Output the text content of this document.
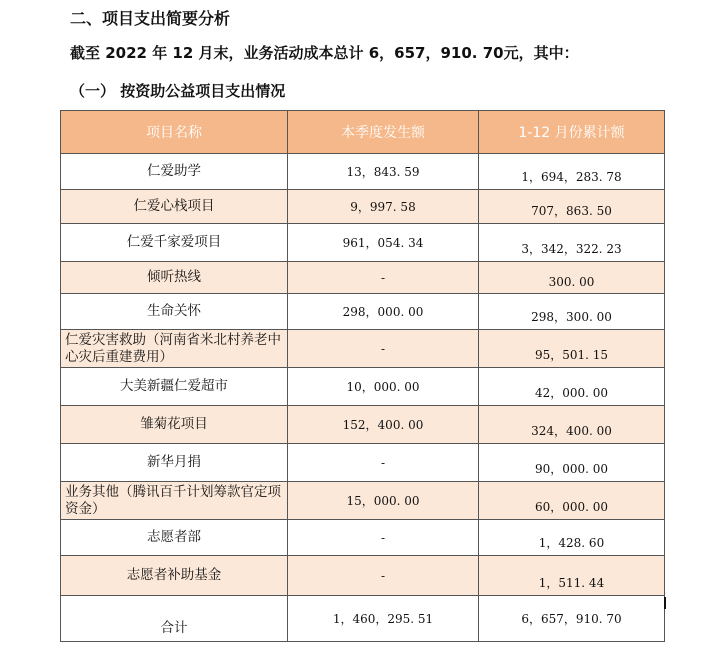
二、项目支出简要分析
截至 2022 年 12 月末，业务活动成本总计 6，657，910. 70元，其中：
（一） 按资助公益项目支出情况
项目名称	本季度发生额	1-12 月份累计额
仁爱助学	13，843. 59	1，694，283. 78
仁爱心栈项目	9，997. 58	707，863. 50
仁爱千家爱项目	961，054. 34	3，342，322. 23
倾听热线	-	300. 00
生命关怀	298，000. 00	298，300. 00
仁爱灾害救助（河南省米北村养老中心灾后重建费用）	-	95，501. 15
大美新疆仁爱超市	10，000. 00	42，000. 00
雏菊花项目	152，400. 00	324，400. 00
新华月捐	-	90，000. 00
业务其他（腾讯百千计划筹款官定项资金）	15，000. 00	60，000. 00
志愿者部	-	1，428. 60
志愿者补助基金	-	1，511. 44
合计	1，460，295. 51	6，657，910. 70
